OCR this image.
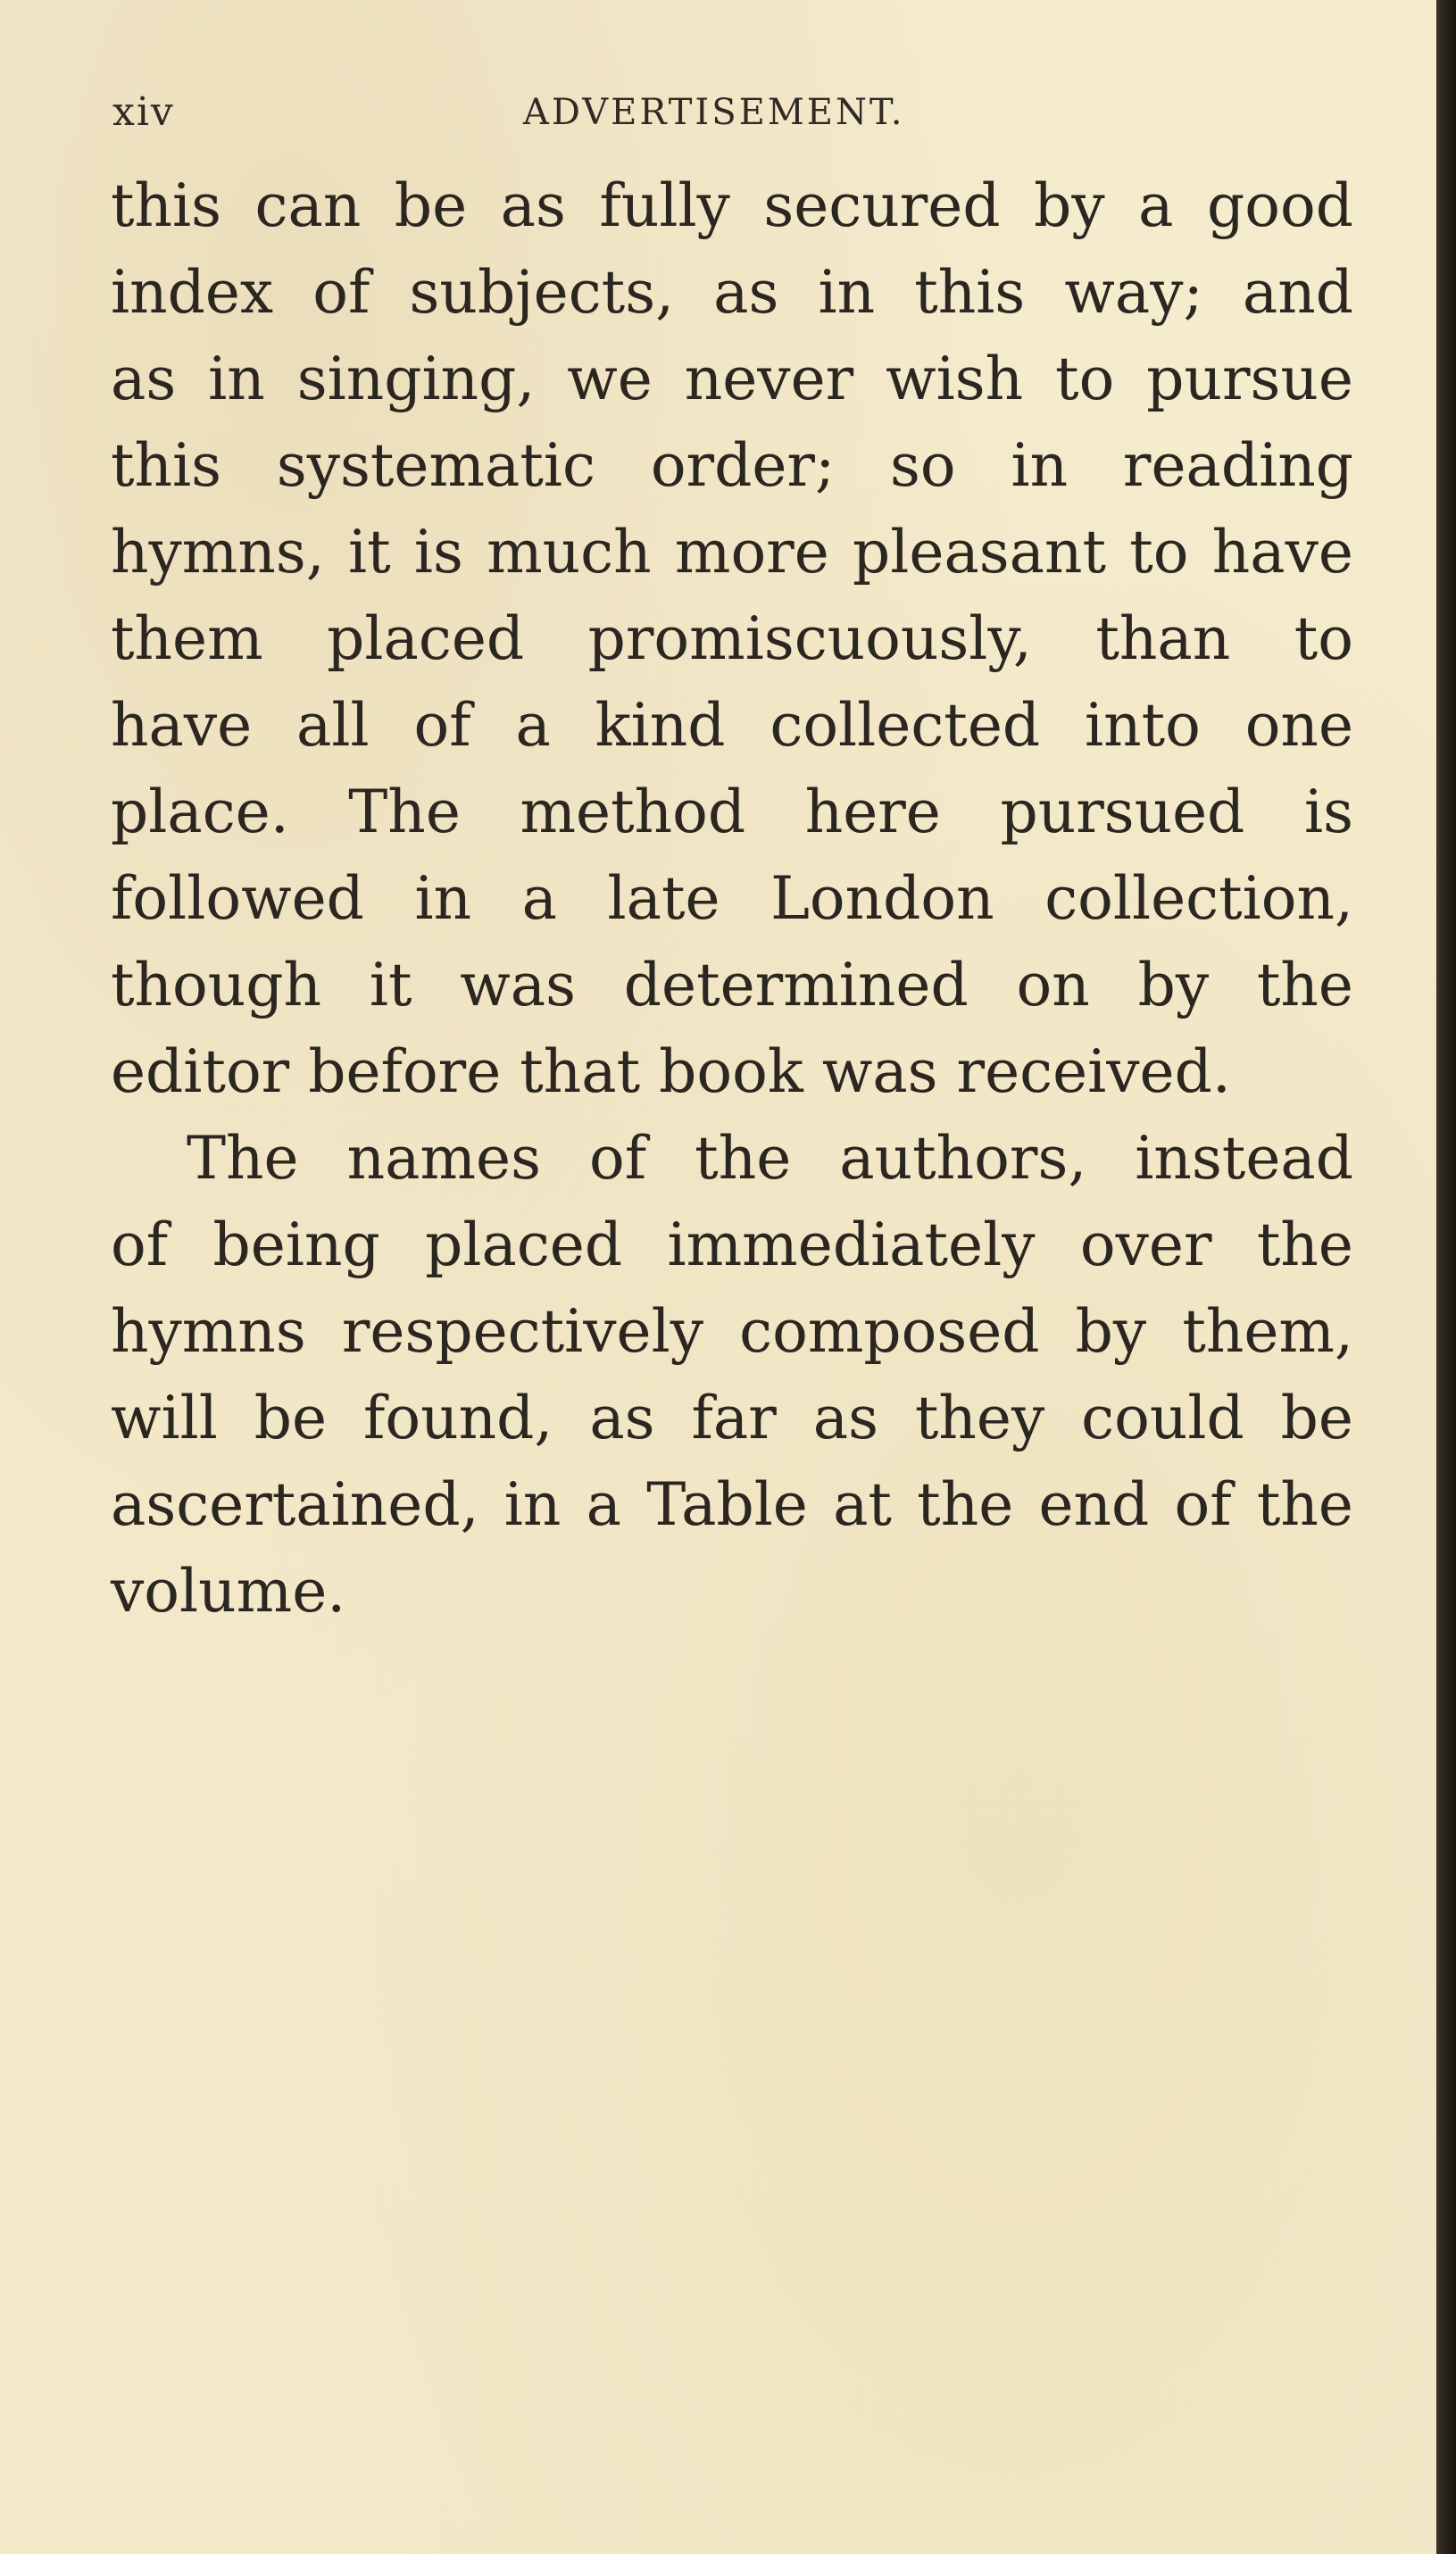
xiv	ADVERTISEMENT.
this can be as fully secured by a good
index of subjects, as in this way; and
as in singing, we never wish to pursue
this systematic order; so in reading
hymns, it is much more pleasant to have
them placed promiscuously, than to
have all of a kind collected into one
place. The method here pursued is
followed in a late London collection,
though it was determined on by the
editor before that book was received.
The names of the authors, instead
of being placed immediately over the
hymns respectively composed by them,
will be found, as far as they could be
ascertained, in a Table at the end of the
volume.
